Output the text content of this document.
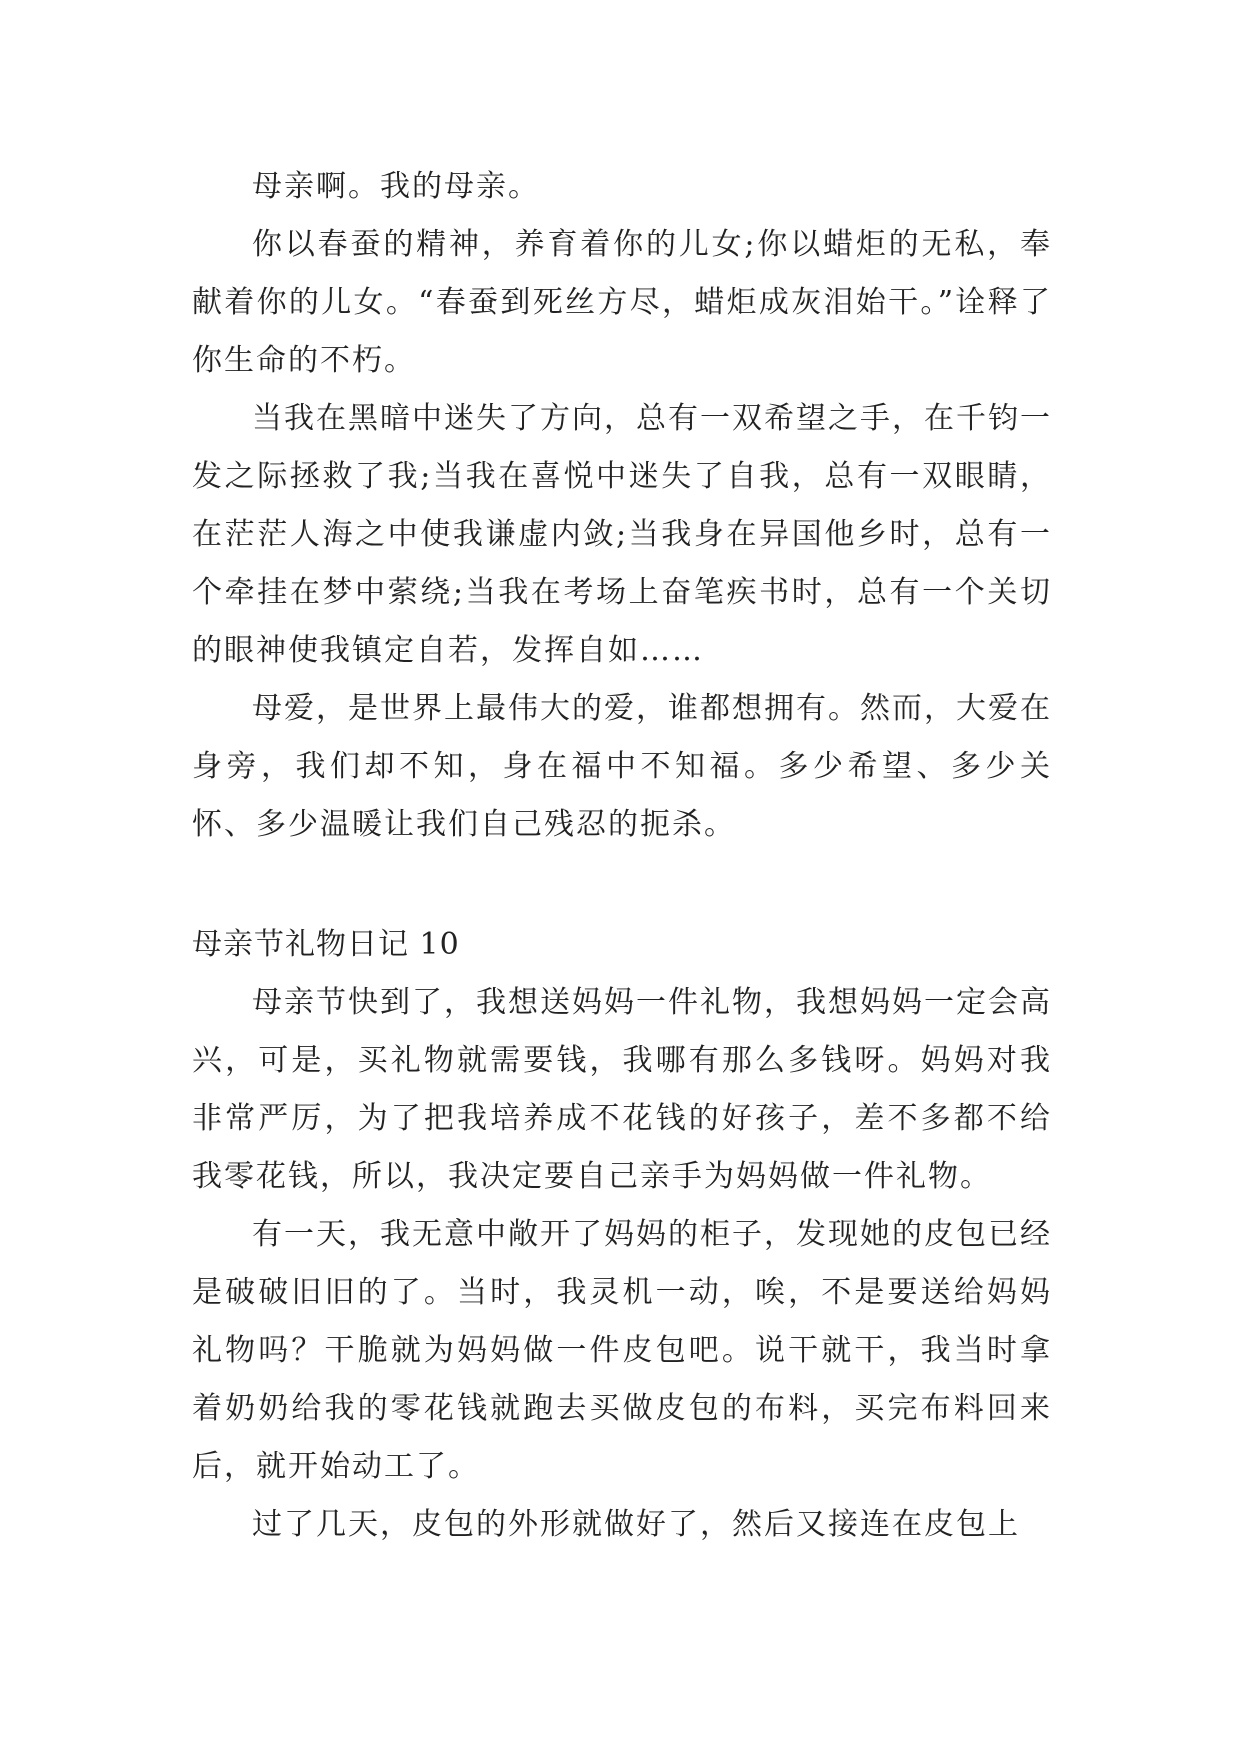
母亲啊。我的母亲。

你以春蚕的精神，养育着你的儿女;你以蜡炬的无私，奉献着你的儿女。“春蚕到死丝方尽，蜡炬成灰泪始干。”诠释了你生命的不朽。

当我在黑暗中迷失了方向，总有一双希望之手，在千钧一发之际拯救了我;当我在喜悦中迷失了自我，总有一双眼睛，在茫茫人海之中使我谦虚内敛;当我身在异国他乡时，总有一个牵挂在梦中萦绕;当我在考场上奋笔疾书时，总有一个关切的眼神使我镇定自若，发挥自如……

母爱，是世界上最伟大的爱，谁都想拥有。然而，大爱在身旁，我们却不知，身在福中不知福。多少希望、多少关怀、多少温暖让我们自己残忍的扼杀。

母亲节礼物日记 10

母亲节快到了，我想送妈妈一件礼物，我想妈妈一定会高兴，可是，买礼物就需要钱，我哪有那么多钱呀。妈妈对我非常严厉，为了把我培养成不花钱的好孩子，差不多都不给我零花钱，所以，我决定要自己亲手为妈妈做一件礼物。

有一天，我无意中敞开了妈妈的柜子，发现她的皮包已经是破破旧旧的了。当时，我灵机一动，唉，不是要送给妈妈礼物吗？干脆就为妈妈做一件皮包吧。说干就干，我当时拿着奶奶给我的零花钱就跑去买做皮包的布料，买完布料回来后，就开始动工了。

过了几天，皮包的外形就做好了，然后又接连在皮包上
